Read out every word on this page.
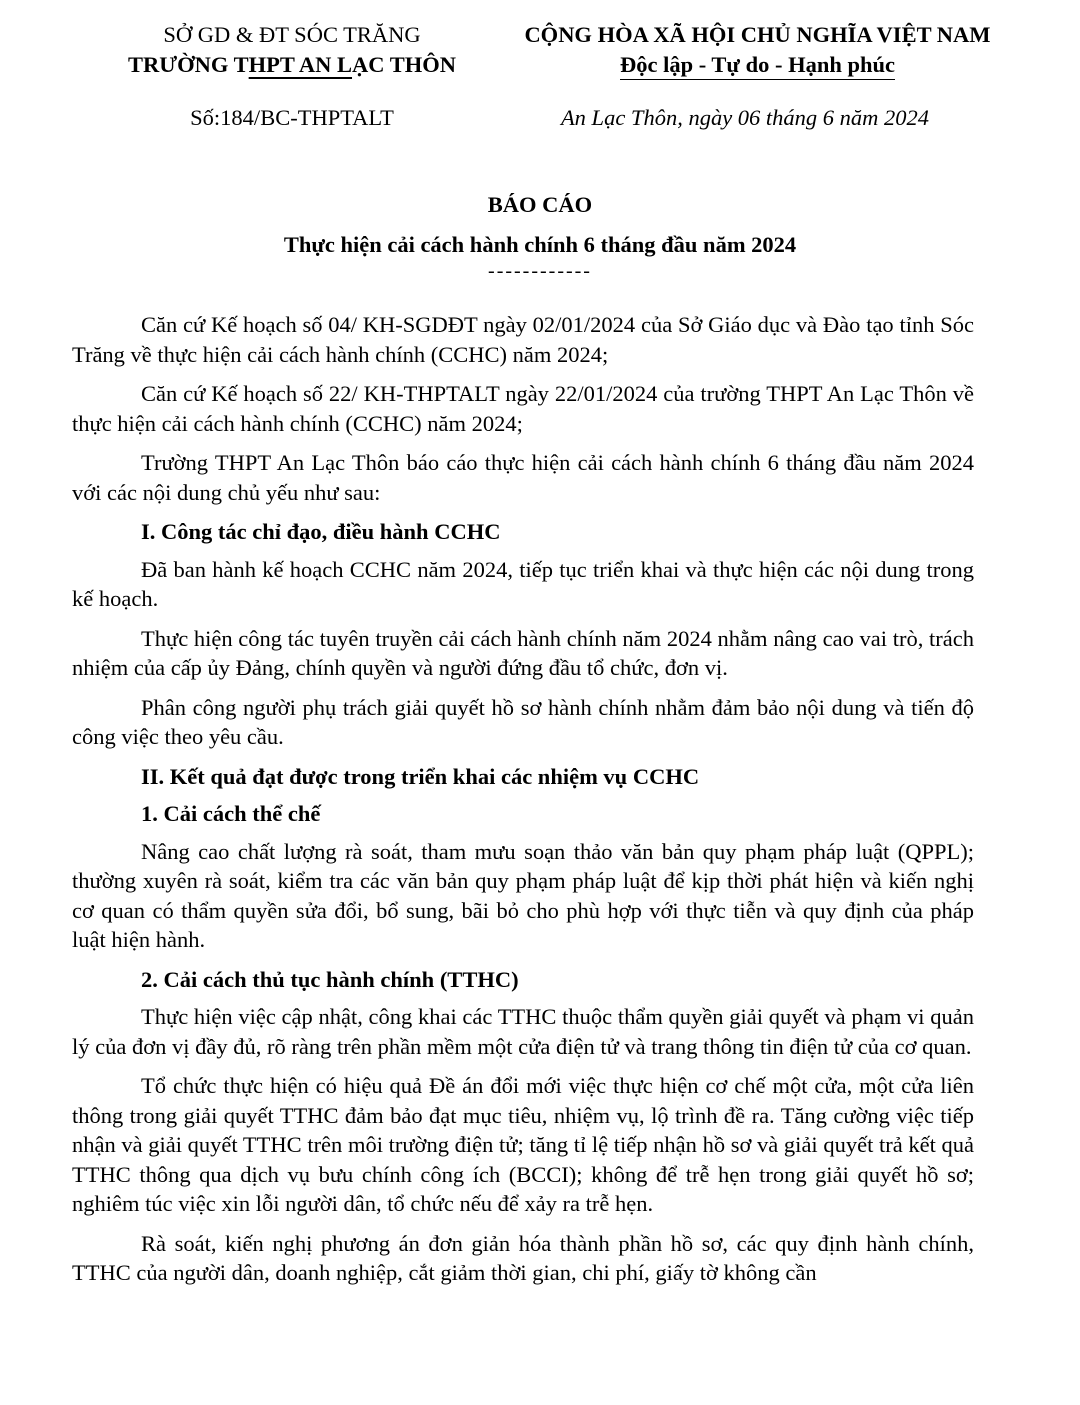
SỞ GD & ĐT SÓC TRĂNG
TRƯỜNG THPT AN LẠC THÔN
CỘNG HÒA XÃ HỘI CHỦ NGHĨA VIỆT NAM
Độc lập - Tự do - Hạnh phúc
Số:184/BC-THPTALT	An Lạc Thôn, ngày 06 tháng 6 năm 2024
BÁO CÁO
Thực hiện cải cách hành chính 6 tháng đầu năm 2024
------------

Căn cứ Kế hoạch số 04/ KH-SGDĐT ngày 02/01/2024 của Sở Giáo dục và Đào tạo tỉnh Sóc Trăng về thực hiện cải cách hành chính (CCHC) năm 2024;

Căn cứ Kế hoạch số 22/ KH-THPTALT ngày 22/01/2024 của trường THPT An Lạc Thôn về thực hiện cải cách hành chính (CCHC) năm 2024;

Trường THPT An Lạc Thôn báo cáo thực hiện cải cách hành chính 6 tháng đầu năm 2024 với các nội dung chủ yếu như sau:

I. Công tác chỉ đạo, điều hành CCHC

Đã ban hành kế hoạch CCHC năm 2024, tiếp tục triển khai và thực hiện các nội dung trong kế hoạch.

Thực hiện công tác tuyên truyền cải cách hành chính năm 2024 nhằm nâng cao vai trò, trách nhiệm của cấp ủy Đảng, chính quyền và người đứng đầu tổ chức, đơn vị.

Phân công người phụ trách giải quyết hồ sơ hành chính nhằm đảm bảo nội dung và tiến độ công việc theo yêu cầu.

II. Kết quả đạt được trong triển khai các nhiệm vụ CCHC

1. Cải cách thể chế

Nâng cao chất lượng rà soát, tham mưu soạn thảo văn bản quy phạm pháp luật (QPPL); thường xuyên rà soát, kiểm tra các văn bản quy phạm pháp luật để kịp thời phát hiện và kiến nghị cơ quan có thẩm quyền sửa đổi, bổ sung, bãi bỏ cho phù hợp với thực tiễn và quy định của pháp luật hiện hành.

2. Cải cách thủ tục hành chính (TTHC)

Thực hiện việc cập nhật, công khai các TTHC thuộc thẩm quyền giải quyết và phạm vi quản lý của đơn vị đầy đủ, rõ ràng trên phần mềm một cửa điện tử và trang thông tin điện tử của cơ quan.

Tổ chức thực hiện có hiệu quả Đề án đổi mới việc thực hiện cơ chế một cửa, một cửa liên thông trong giải quyết TTHC đảm bảo đạt mục tiêu, nhiệm vụ, lộ trình đề ra. Tăng cường việc tiếp nhận và giải quyết TTHC trên môi trường điện tử; tăng tỉ lệ tiếp nhận hồ sơ và giải quyết trả kết quả TTHC thông qua dịch vụ bưu chính công ích (BCCI); không để trễ hẹn trong giải quyết hồ sơ; nghiêm túc việc xin lỗi người dân, tổ chức nếu để xảy ra trễ hẹn.

Rà soát, kiến nghị phương án đơn giản hóa thành phần hồ sơ, các quy định hành chính, TTHC của người dân, doanh nghiệp, cắt giảm thời gian, chi phí, giấy tờ không cần
